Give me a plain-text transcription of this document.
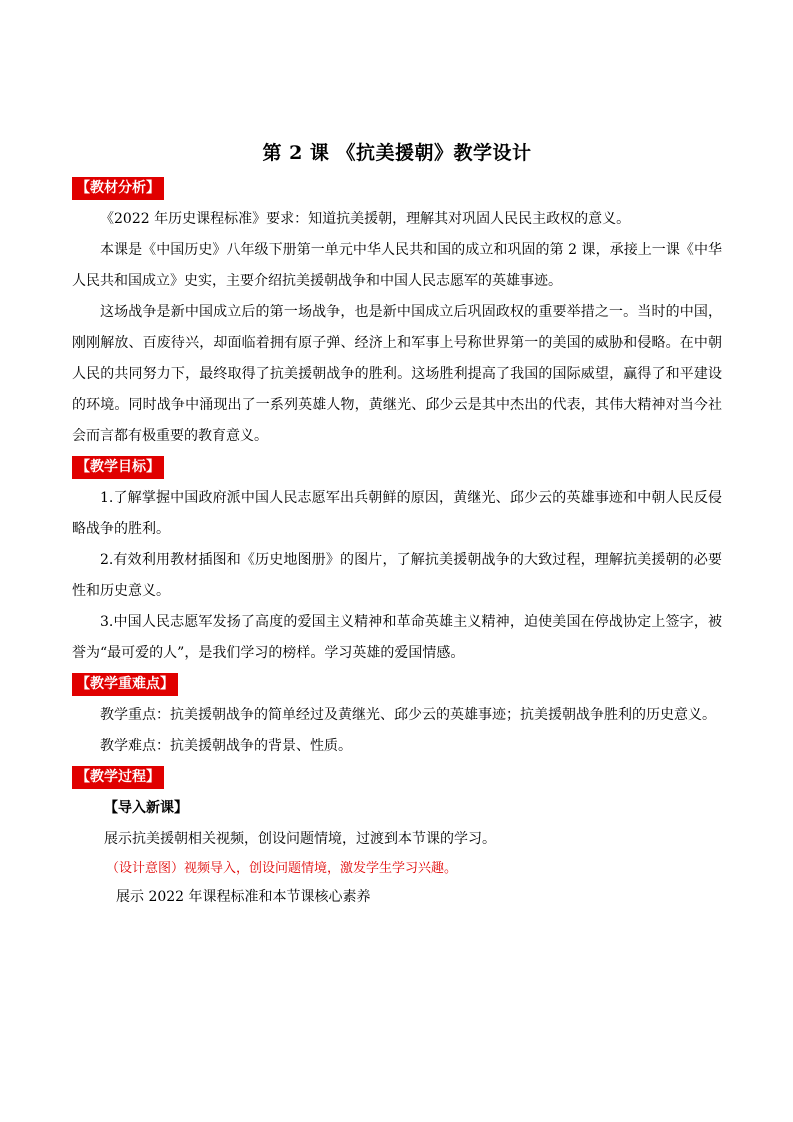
第 2 课 《抗美援朝》教学设计
【教材分析】

《2022 年历史课程标准》要求：知道抗美援朝，理解其对巩固人民民主政权的意义。

本课是《中国历史》八年级下册第一单元中华人民共和国的成立和巩固的第 2 课，承接上一课《中华人民共和国成立》史实，主要介绍抗美援朝战争和中国人民志愿军的英雄事迹。

这场战争是新中国成立后的第一场战争，也是新中国成立后巩固政权的重要举措之一。当时的中国，刚刚解放、百废待兴，却面临着拥有原子弹、经济上和军事上号称世界第一的美国的威胁和侵略。在中朝人民的共同努力下，最终取得了抗美援朝战争的胜利。这场胜利提高了我国的国际威望，赢得了和平建设的环境。同时战争中涌现出了一系列英雄人物，黄继光、邱少云是其中杰出的代表，其伟大精神对当今社会而言都有极重要的教育意义。

【教学目标】

1.了解掌握中国政府派中国人民志愿军出兵朝鲜的原因，黄继光、邱少云的英雄事迹和中朝人民反侵略战争的胜利。

2.有效利用教材插图和《历史地图册》的图片，了解抗美援朝战争的大致过程，理解抗美援朝的必要性和历史意义。

3.中国人民志愿军发扬了高度的爱国主义精神和革命英雄主义精神，迫使美国在停战协定上签字，被誉为“最可爱的人”，是我们学习的榜样。学习英雄的爱国情感。

【教学重难点】

教学重点：抗美援朝战争的简单经过及黄继光、邱少云的英雄事迹；抗美援朝战争胜利的历史意义。

教学难点：抗美援朝战争的背景、性质。

【教学过程】

【导入新课】

展示抗美援朝相关视频，创设问题情境，过渡到本节课的学习。

（设计意图）视频导入，创设问题情境，激发学生学习兴趣。

展示 2022 年课程标准和本节课核心素养
